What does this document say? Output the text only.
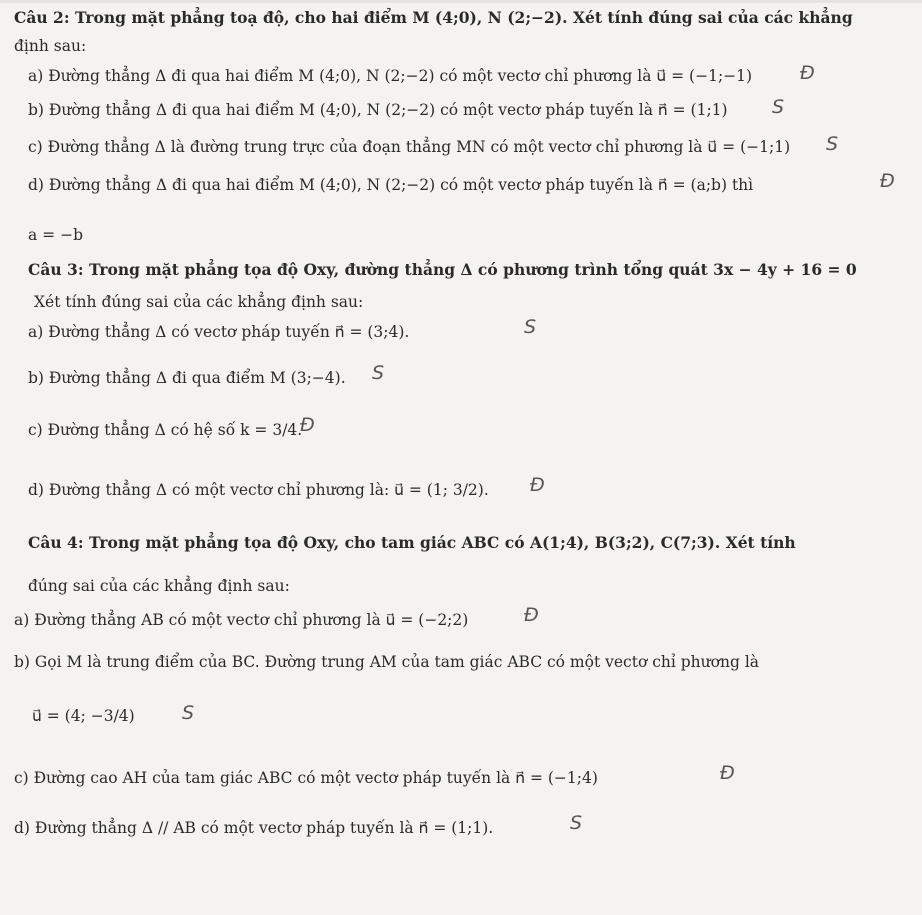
Câu 2: Trong mặt phẳng toạ độ, cho hai điểm M (4;0), N (2;−2). Xét tính đúng sai của các khẳng
định sau:
a) Đường thẳng Δ đi qua hai điểm M (4;0), N (2;−2) có một vectơ chỉ phương là u⃗ = (−1;−1)	Đ
b) Đường thẳng Δ đi qua hai điểm M (4;0), N (2;−2) có một vectơ pháp tuyến là n⃗ = (1;1) S
c) Đường thẳng Δ là đường trung trực của đoạn thẳng MN có một vectơ chỉ phương là u⃗ = (−1;1) S
d) Đường thẳng Δ đi qua hai điểm M (4;0), N (2;−2) có một vectơ pháp tuyến là n⃗ = (a;b) thì	Đ
a = −b
Câu 3: Trong mặt phẳng tọa độ Oxy, đường thẳng Δ có phương trình tổng quát 3x − 4y + 16 = 0
Xét tính đúng sai của các khẳng định sau:
a) Đường thẳng Δ có vectơ pháp tuyến n⃗ = (3;4).	S
b) Đường thẳng Δ đi qua điểm M (3;−4). S
c) Đường thẳng Δ có hệ số k = 3/4.
Đ
d) Đường thẳng Δ có một vectơ chỉ phương là: u⃗ = (1; 3/2). Đ
Câu 4: Trong mặt phẳng tọa độ Oxy, cho tam giác ABC có A(1;4), B(3;2), C(7;3). Xét tính
đúng sai của các khẳng định sau:
a) Đường thẳng AB có một vectơ chỉ phương là u⃗ = (−2;2)	Đ
b) Gọi M là trung điểm của BC. Đường trung AM của tam giác ABC có một vectơ chỉ phương là
u⃗ = (4; −3/4) S
c) Đường cao AH của tam giác ABC có một vectơ pháp tuyến là n⃗ = (−1;4)	Đ
d) Đường thẳng Δ // AB có một vectơ pháp tuyến là n⃗ = (1;1).	S
